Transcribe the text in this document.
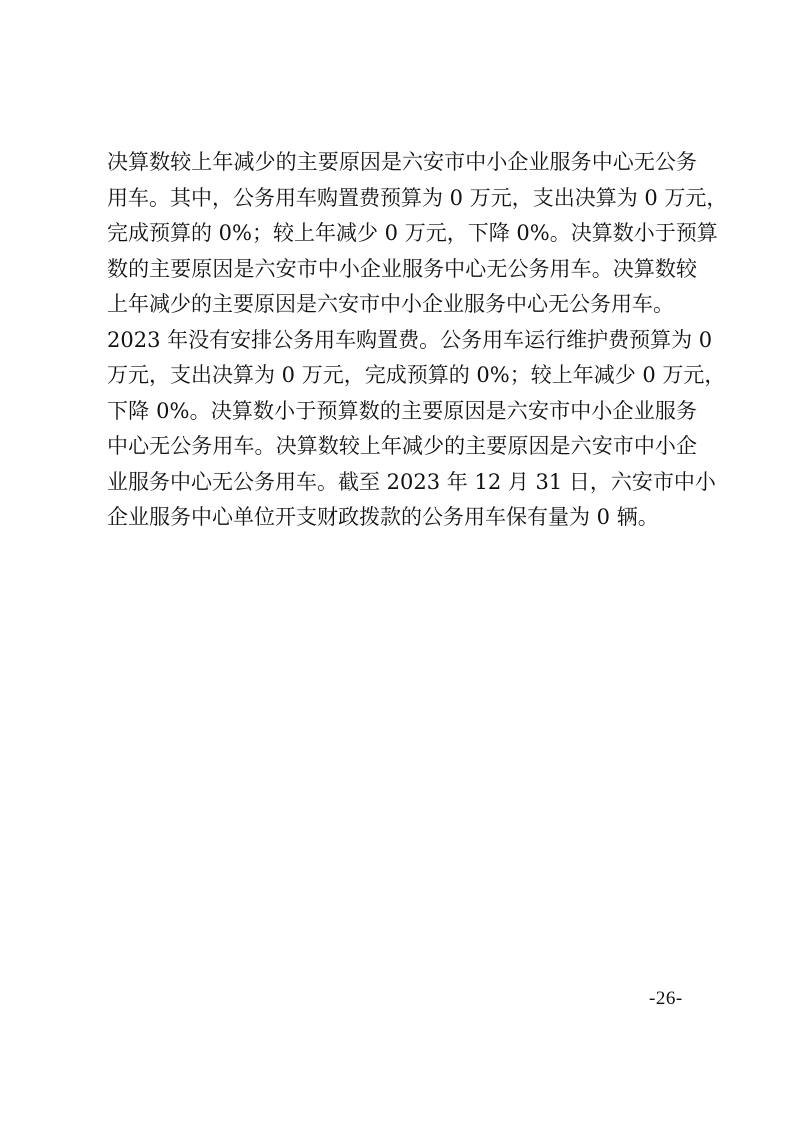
决算数较上年减少的主要原因是六安市中小企业服务中心无公务
用车。其中，公务用车购置费预算为 0 万元，支出决算为 0 万元，
完成预算的 0%；较上年减少 0 万元，下降 0%。决算数小于预算
数的主要原因是六安市中小企业服务中心无公务用车。决算数较
上年减少的主要原因是六安市中小企业服务中心无公务用车。
2023 年没有安排公务用车购置费。公务用车运行维护费预算为 0
万元，支出决算为 0 万元，完成预算的 0%；较上年减少 0 万元，
下降 0%。决算数小于预算数的主要原因是六安市中小企业服务
中心无公务用车。决算数较上年减少的主要原因是六安市中小企
业服务中心无公务用车。截至 2023 年 12 月 31 日，六安市中小
企业服务中心单位开支财政拨款的公务用车保有量为 0 辆。
-26-
